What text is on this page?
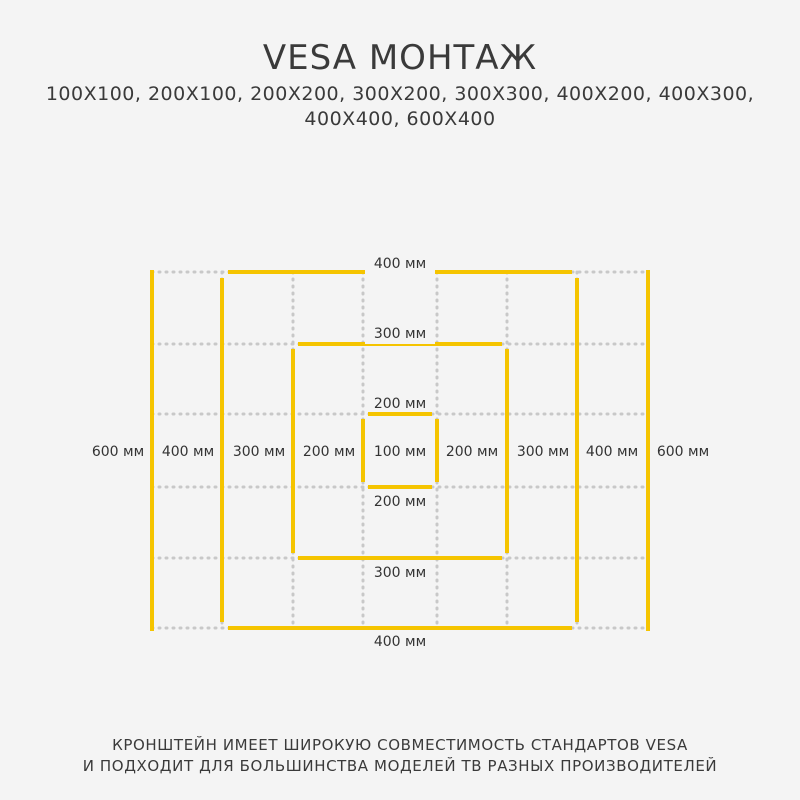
VESA МОНТАЖ
100X100, 200X100, 200X200, 300X200, 300X300, 400X200, 400X300,
400X400, 600X400
400 мм
300 мм
200 мм
200 мм
300 мм
400 мм
600 мм 400 мм 300 мм 200 мм 100 мм 200 мм 300 мм 400 мм 600 мм
КРОНШТЕЙН ИМЕЕТ ШИРОКУЮ СОВМЕСТИМОСТЬ СТАНДАРТОВ VESA
И ПОДХОДИТ ДЛЯ БОЛЬШИНСТВА МОДЕЛЕЙ ТВ РАЗНЫХ ПРОИЗВОДИТЕЛЕЙ
